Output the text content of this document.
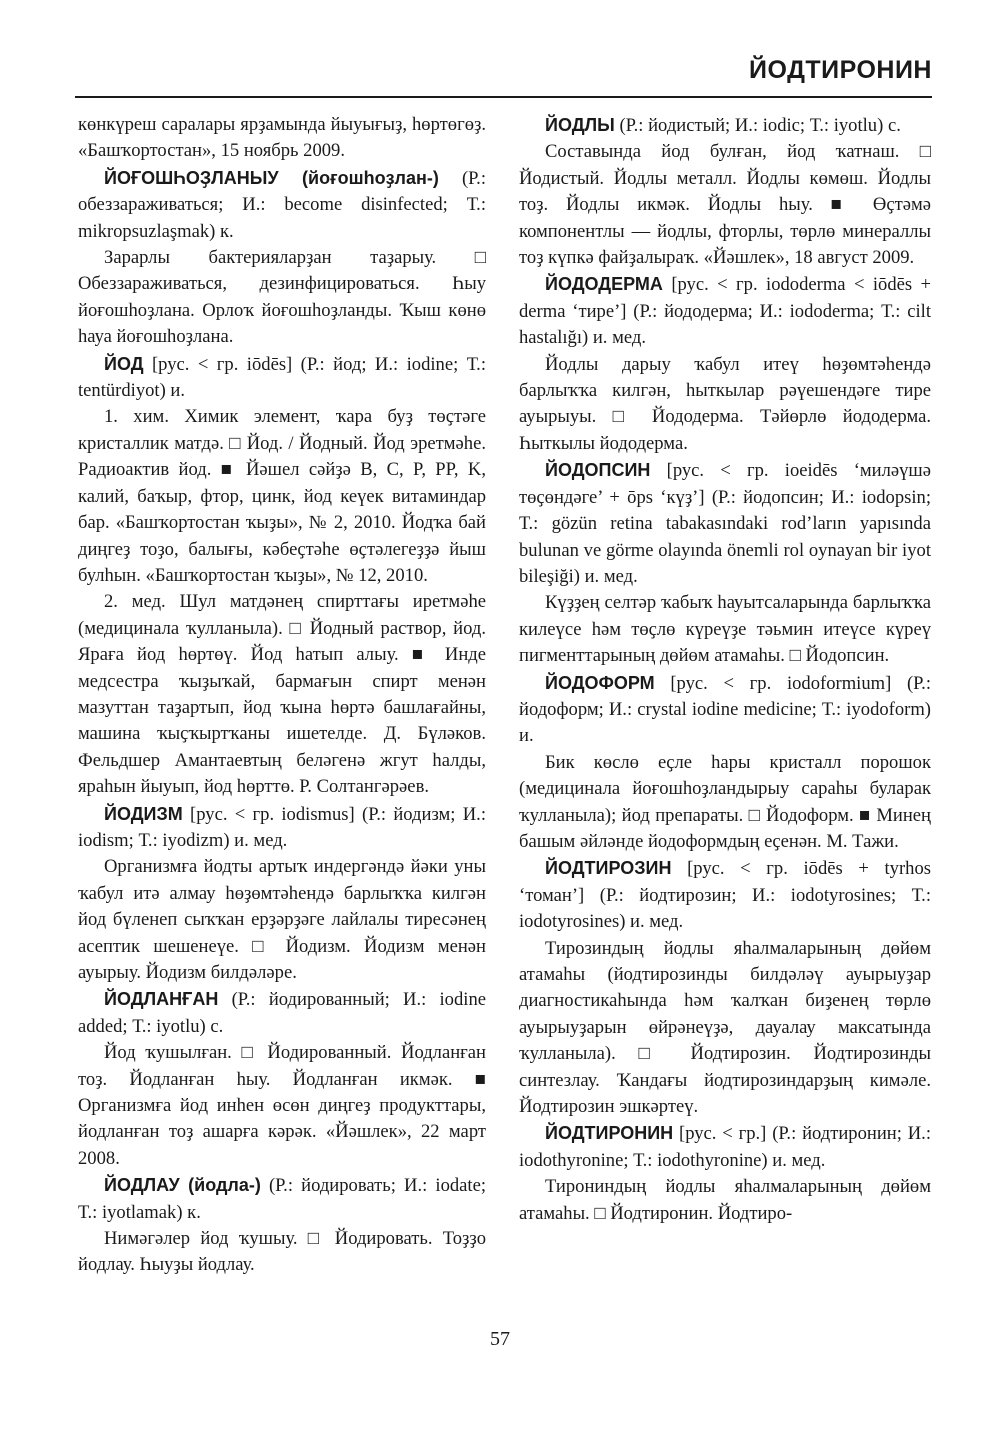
ЙОДТИРОНИН

көнкүреш саралары ярҙамында йыуығыҙ, һөртөгөҙ. «Башҡортостан», 15 ноябрь 2009.

ЙОҒОШҺОҘЛАНЫУ (йоғошһоҙлан-) (Р.: обеззараживаться; И.: become disinfected; Т.: mikropsuzlaşmak) к.

Зарарлы бактерияларҙан таҙарыу. □ Обеззараживаться, дезинфицироваться. Һыу йоғошһоҙлана. Орлоҡ йоғошһоҙланды. Ҡыш көнө һауа йоғошһоҙлана.

ЙОД [рус. < гр. iōdēs] (Р.: йод; И.: iodine; Т.: tentürdiyot) и.

1. хим. Химик элемент, ҡара буҙ төҫтәге кристаллик матдә. □ Йод. / Йодный. Йод эретмәһе. Радиоактив йод. ■ Йәшел сәйҙә B, C, P, PP, K, калий, баҡыр, фтор, цинк, йод кеүек витаминдар бар. «Башҡортостан ҡыҙы», № 2, 2010. Йодҡа бай диңгеҙ тоҙо, балығы, кәбеҫтәһе өҫтәлегеҙҙә йыш булһын. «Башҡортостан ҡыҙы», № 12, 2010.

2. мед. Шул матдәнең спирттағы иретмәһе (медицинала ҡулланыла). □ Йодный раствор, йод. Яраға йод һөртөү. Йод һатып алыу. ■ Инде медсестра ҡыҙыҡай, бармағын спирт менән мазуттан таҙартып, йод ҡына һөртә башлағайны, машина ҡыҫҡыртҡаны ишетелде. Д. Бүләков. Фельдшер Амантаевтың беләгенә жгут һалды, яраһын йыуып, йод һөрттө. Р. Солтангәрәев.

ЙОДИЗМ [рус. < гр. iodismus] (Р.: йодизм; И.: iodism; Т.: iyodizm) и. мед.

Организмға йодты артыҡ индергәндә йәки уны ҡабул итә алмау һөҙөмтәһендә барлыҡҡа килгән йод бүленеп сыҡҡан ерҙәрҙәге лайлалы тиресәнең асептик шешенеүе. □ Йодизм. Йодизм менән ауырыу. Йодизм билдәләре.

ЙОДЛАНҒАН (Р.: йодированный; И.: iodine added; Т.: iyotlu) с.

Йод ҡушылған. □ Йодированный. Йодланған тоҙ. Йодланған һыу. Йодланған икмәк. ■ Организмға йод инһен өсөн диңгеҙ продукттары, йодланған тоҙ ашарға кәрәк. «Йәшлек», 22 март 2008.

ЙОДЛАУ (йодла-) (Р.: йодировать; И.: iodate; Т.: iyotlamak) к.

Нимәгәлер йод ҡушыу. □ Йодировать. Тоҙҙо йодлау. Һыуҙы йодлау.

ЙОДЛЫ (Р.: йодистый; И.: iodic; Т.: iyotlu) с.

Составында йод булған, йод ҡатнаш. □ Йодистый. Йодлы металл. Йодлы көмөш. Йодлы тоҙ. Йодлы икмәк. Йодлы һыу. ■ Өҫтәмә компонентлы — йодлы, фторлы, төрлө минераллы тоҙ күпкә файҙалыраҡ. «Йәшлек», 18 август 2009.

ЙОДОДЕРМА [рус. < гр. iododerma < iōdēs + derma ‘тире’] (Р.: йододерма; И.: iododerma; Т.: cilt hastalığı) и. мед.

Йодлы дарыу ҡабул итеү һөҙөмтәһендә барлыҡҡа килгән, һыткылар рәүешендәге тире ауырыуы. □ Йододерма. Тәйөрлө йододерма. Һыткылы йододерма.

ЙОДОПСИН [рус. < гр. ioeidēs ‘миләүшә төҫөндәге’ + ōps ‘күҙ’] (Р.: йодопсин; И.: iodopsin; Т.: gözün retina tabakasındaki rod’ların yapısında bulunan ve görme olayında önemli rol oynayan bir iyot bileşiği) и. мед.

Күҙҙең селтәр ҡабыҡ һауытсаларында барлыҡҡа килеүсе һәм төҫлө күреүҙе тәьмин итеүсе күреү пигменттарының дөйөм атамаһы. □ Йодопсин.

ЙОДОФОРМ [рус. < гр. iodoformium] (Р.: йодоформ; И.: crystal iodine medicine; Т.: iyodoform) и.

Бик көслө еҫле һары кристалл порошок (медицинала йоғошһоҙландырыу сараһы буларак ҡулланыла); йод препараты. □ Йодоформ. ■ Минең башым әйләнде йодоформдың еҫенән. М. Тажи.

ЙОДТИРОЗИН [рус. < гр. iōdēs + tyrhos ‘томан’] (Р.: йодтирозин; И.: iodotyrosines; Т.: iodotyrosines) и. мед.

Тирозиндың йодлы яһалмаларының дөйөм атамаһы (йодтирозинды билдәләү ауырыуҙар диагностикаһында һәм ҡалҡан биҙенең төрлө ауырыуҙарын өйрәнеүҙә, дауалау максатында ҡулланыла). □ Йодтирозин. Йодтирозинды синтезлау. Ҡандағы йодтирозиндарҙың кимәле. Йодтирозин эшкәртеү.

ЙОДТИРОНИН [рус. < гр.] (Р.: йодтиронин; И.: iodothyronine; Т.: iodothyronine) и. мед.

Тирониндың йодлы яһалмаларының дөйөм атамаһы. □ Йодтиронин. Йодтиро-

57
